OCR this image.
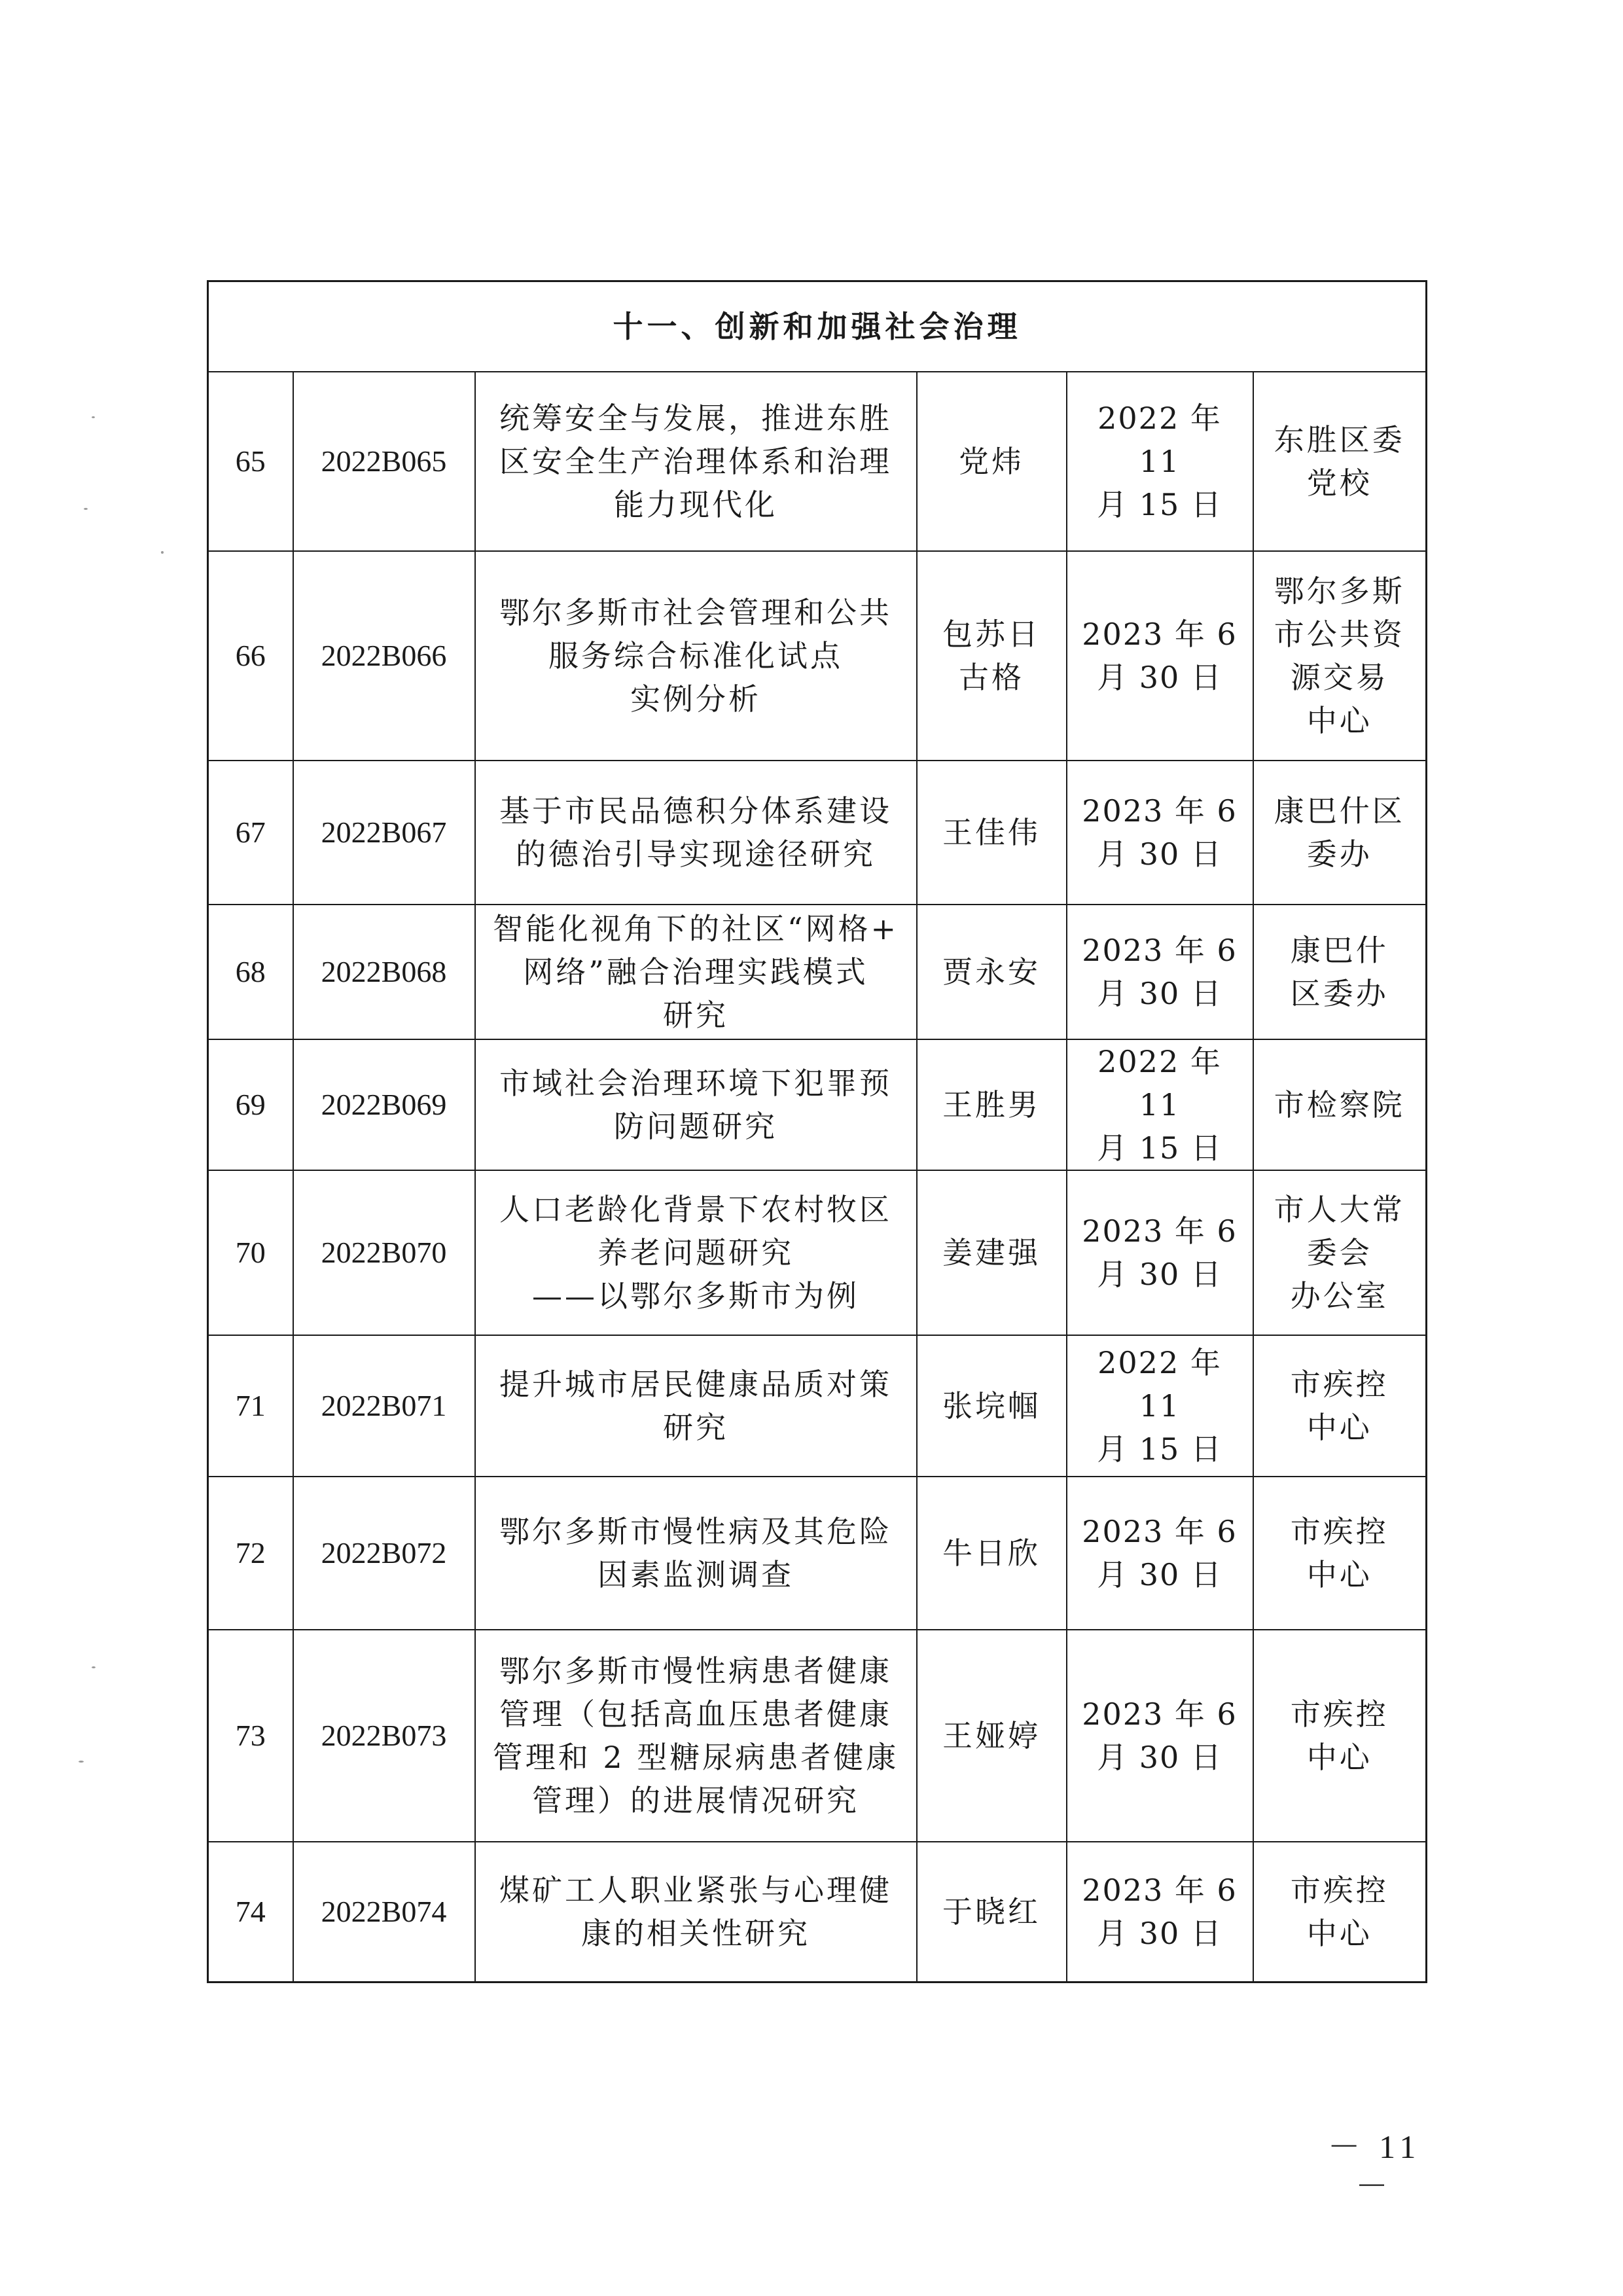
十一、创新和加强社会治理					
65	2022B065	统筹安全与发展，推进东胜
区安全生产治理体系和治理
能力现代化	党炜	2022 年 11
月 15 日	东胜区委
党校

66	2022B066	鄂尔多斯市社会管理和公共
服务综合标准化试点
实例分析	包苏日
古格	2023 年 6
月 30 日	鄂尔多斯
市公共资
源交易
中心

67	2022B067	基于市民品德积分体系建设
的德治引导实现途径研究	王佳伟	2023 年 6
月 30 日	康巴什区
委办

68	2022B068	智能化视角下的社区“网格+
网络”融合治理实践模式
研究	贾永安	2023 年 6
月 30 日	康巴什
区委办

69	2022B069	市域社会治理环境下犯罪预
防问题研究	王胜男	2022 年 11
月 15 日	市检察院

70	2022B070	人口老龄化背景下农村牧区
养老问题研究
——以鄂尔多斯市为例	姜建强	2023 年 6
月 30 日	市人大常
委会
办公室

71	2022B071	提升城市居民健康品质对策
研究	张垸帼	2022 年 11
月 15 日	市疾控
中心

72	2022B072	鄂尔多斯市慢性病及其危险
因素监测调查	牛日欣	2023 年 6
月 30 日	市疾控
中心

73	2022B073	鄂尔多斯市慢性病患者健康
管理（包括高血压患者健康
管理和 2 型糖尿病患者健康
管理）的进展情况研究	王娅婷	2023 年 6
月 30 日	市疾控
中心

74	2022B074	煤矿工人职业紧张与心理健
康的相关性研究	于晓红	2023 年 6
月 30 日	市疾控
中心
－ 11 －
